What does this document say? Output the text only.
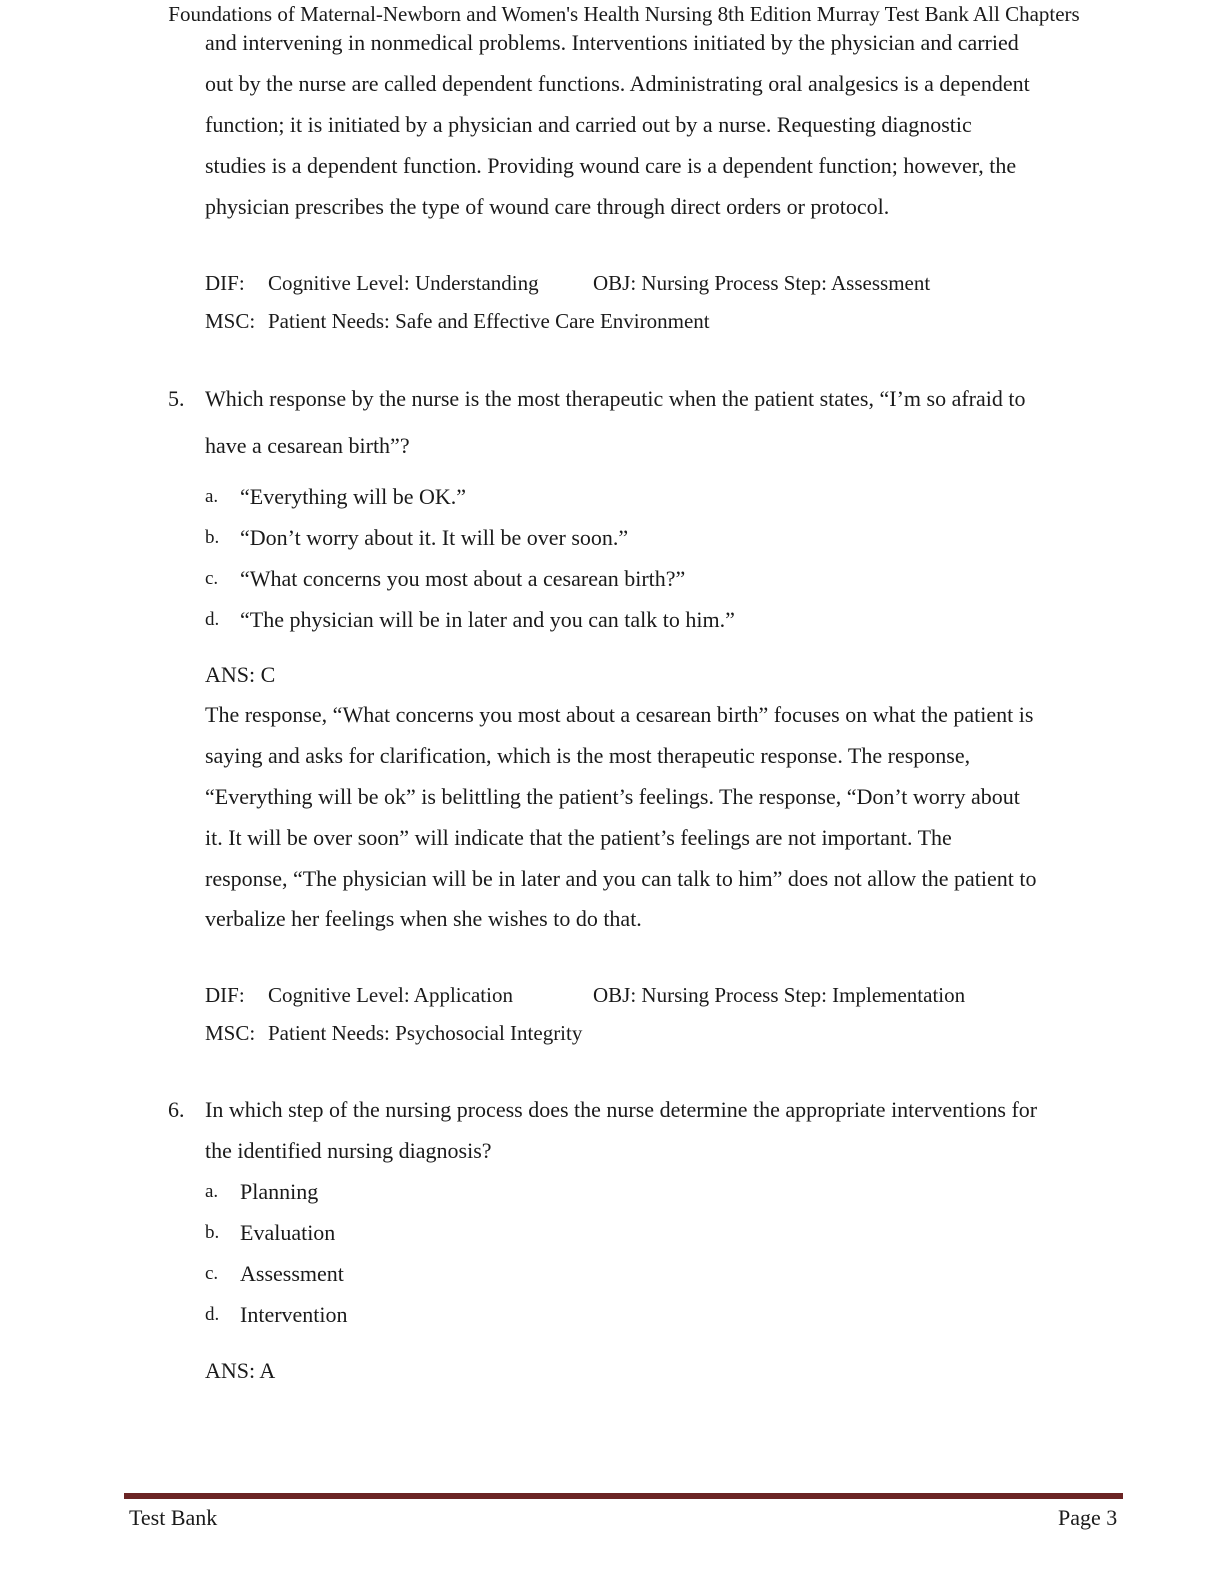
Foundations of Maternal-Newborn and Women's Health Nursing 8th Edition Murray Test Bank All Chapters
and intervening in nonmedical problems. Interventions initiated by the physician and carried
out by the nurse are called dependent functions. Administrating oral analgesics is a dependent
function; it is initiated by a physician and carried out by a nurse. Requesting diagnostic
studies is a dependent function. Providing wound care is a dependent function; however, the
physician prescribes the type of wound care through direct orders or protocol.
DIF: Cognitive Level: Understanding	OBJ: Nursing Process Step: Assessment
MSC: Patient Needs: Safe and Effective Care Environment
5. Which response by the nurse is the most therapeutic when the patient states, “I’m so afraid to
have a cesarean birth”?
a. “Everything will be OK.”
b. “Don’t worry about it. It will be over soon.”
c. “What concerns you most about a cesarean birth?”
d. “The physician will be in later and you can talk to him.”
ANS: C
The response, “What concerns you most about a cesarean birth” focuses on what the patient is
saying and asks for clarification, which is the most therapeutic response. The response,
“Everything will be ok” is belittling the patient’s feelings. The response, “Don’t worry about
it. It will be over soon” will indicate that the patient’s feelings are not important. The
response, “The physician will be in later and you can talk to him” does not allow the patient to
verbalize her feelings when she wishes to do that.
DIF: Cognitive Level: Application	OBJ: Nursing Process Step: Implementation
MSC: Patient Needs: Psychosocial Integrity
6. In which step of the nursing process does the nurse determine the appropriate interventions for
the identified nursing diagnosis?
a. Planning
b. Evaluation
c. Assessment
d. Intervention
ANS: A
Test Bank	Page 3
